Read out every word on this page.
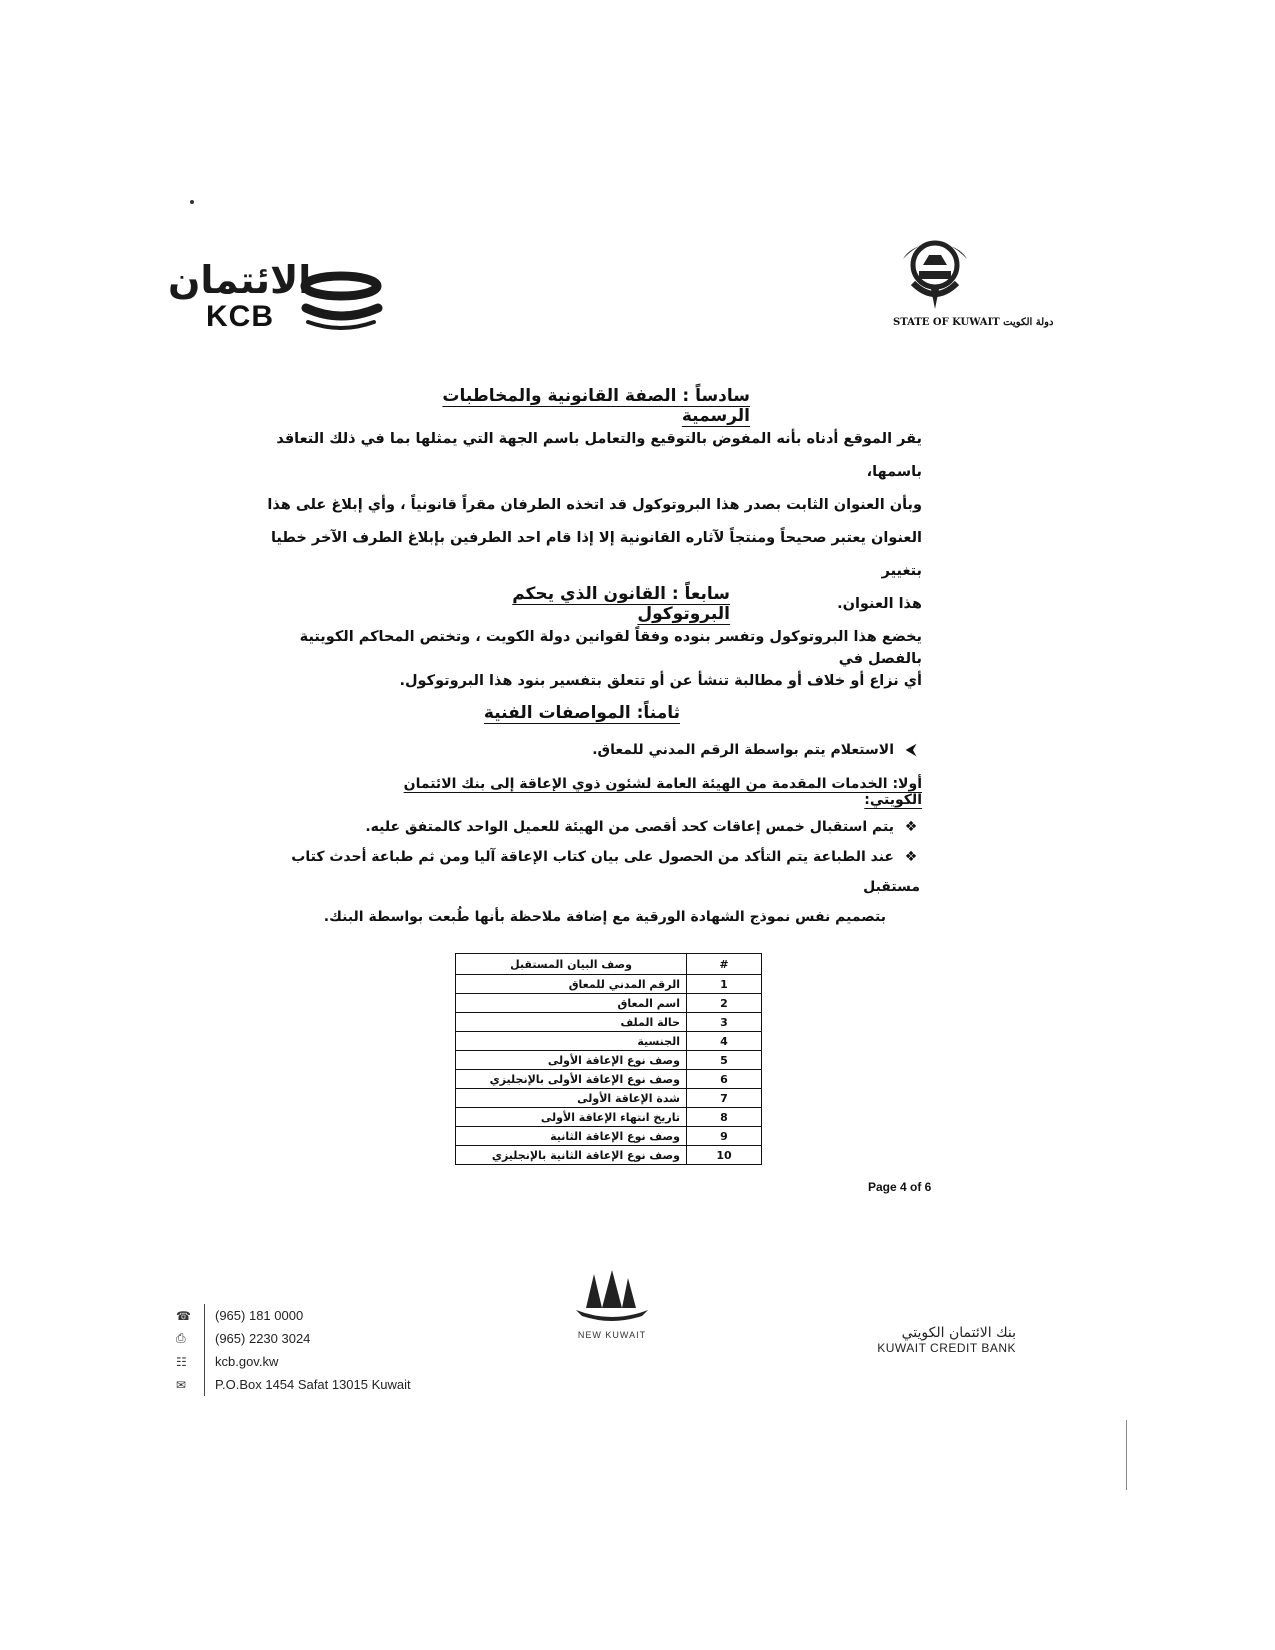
الائتمان
KCB	STATE OF KUWAIT دولة الكويت
سادساً : الصفة القانونية والمخاطبات الرسمية
يقر الموقع أدناه بأنه المفوض بالتوقيع والتعامل باسم الجهة التي يمثلها بما في ذلك التعاقد باسمها،
وبأن العنوان الثابت بصدر هذا البروتوكول قد اتخذه الطرفان مقراً قانونياً ، وأي إبلاغ على هذا
العنوان يعتبر صحيحاً ومنتجاً لآثاره القانونية إلا إذا قام احد الطرفين بإبلاغ الطرف الآخر خطيا بتغيير
هذا العنوان.
سابعاً : القانون الذي يحكم البروتوكول
يخضع هذا البروتوكول وتفسر بنوده وفقاً لقوانين دولة الكويت ، وتختص المحاكم الكويتية بالفصل في
أي نزاع أو خلاف أو مطالبة تنشأ عن أو تتعلق بتفسير بنود هذا البروتوكول.
ثامناً: المواصفات الفنية
⮜الاستعلام يتم بواسطة الرقم المدني للمعاق.
أولا: الخدمات المقدمة من الهيئة العامة لشئون ذوي الإعاقة إلى بنك الائتمان الكويتي:
❖يتم استقبال خمس إعاقات كحد أقصى من الهيئة للعميل الواحد كالمتفق عليه.
❖عند الطباعة يتم التأكد من الحصول على بيان كتاب الإعاقة آليا ومن ثم طباعة أحدث كتاب مستقبل
بتصميم نفس نموذج الشهادة الورقية مع إضافة ملاحظة بأنها طُبعت بواسطة البنك.
#	وصف البيان المستقبل
1	الرقم المدني للمعاق
2	اسم المعاق
3	حالة الملف
4	الجنسية
5	وصف نوع الإعاقة الأولى
6	وصف نوع الإعاقة الأولى بالإنجليزي
7	شدة الإعاقة الأولى
8	تاريخ انتهاء الإعاقة الأولى
9	وصف نوع الإعاقة الثانية
10	وصف نوع الإعاقة الثانية بالإنجليزي
Page 4 of 6
☎	(965) 181 0000
⎙	(965) 2230 3024
☷	kcb.gov.kw
✉	P.O.Box 1454 Safat 13015 Kuwait
NEW KUWAIT	بنك الائتمان الكويتي
KUWAIT CREDIT BANK
